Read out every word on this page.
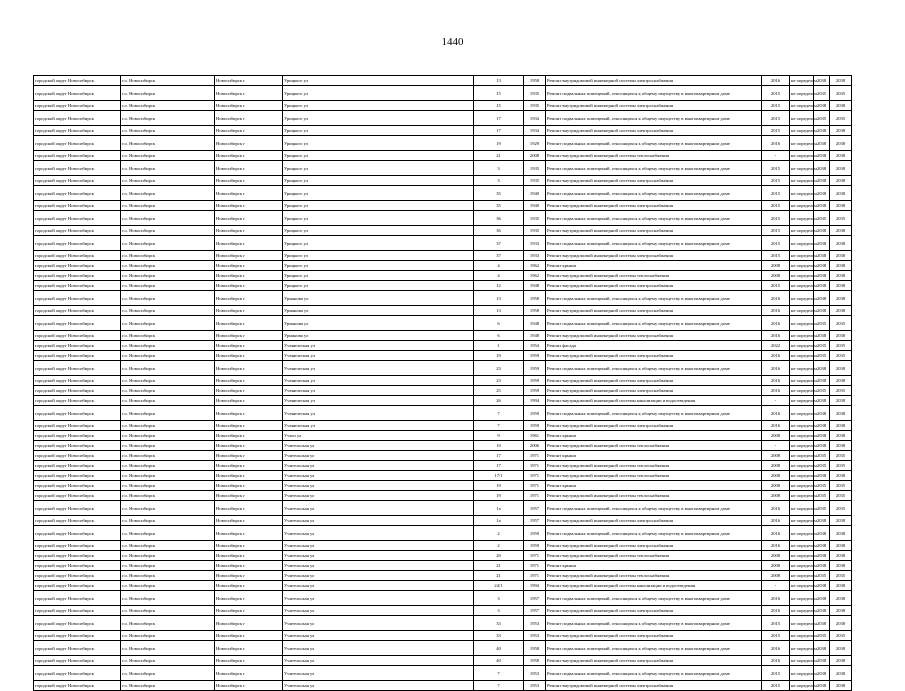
1440
городской округ Новосибирск	г.о. Новосибирск	Новосибирск г	Урицкого ул	13	1958	Ремонт внутридомовой инженерной системы электроснабжения	2016	не определен	2038	2038
городской округ Новосибирск	г.о. Новосибирск	Новосибирск г	Урицкого ул	15	1935	Ремонт подвальных помещений, относящихся к общему имуществу в многоквартирном доме	2015	не определен	2035	2035
городской округ Новосибирск	г.о. Новосибирск	Новосибирск г	Урицкого ул	15	1935	Ремонт внутридомовой инженерной системы электроснабжения	2015	не определен	2038	2038
городской округ Новосибирск	г.о. Новосибирск	Новосибирск г	Урицкого ул	17	1934	Ремонт подвальных помещений, относящихся к общему имуществу в многоквартирном доме	2015	не определен	2035	2035
городской округ Новосибирск	г.о. Новосибирск	Новосибирск г	Урицкого ул	17	1934	Ремонт внутридомовой инженерной системы электроснабжения	2015	не определен	2038	2038
городской округ Новосибирск	г.о. Новосибирск	Новосибирск г	Урицкого ул	19	1929	Ремонт подвальных помещений, относящихся к общему имуществу в многоквартирном доме	2016	не определен	2038	2038
городской округ Новосибирск	г.о. Новосибирск	Новосибирск г	Урицкого ул	21	2008	Ремонт внутридомовой инженерной системы теплоснабжения	-	не определен	2038	2038
городской округ Новосибирск	г.о. Новосибирск	Новосибирск г	Урицкого ул	3	1935	Ремонт подвальных помещений, относящихся к общему имуществу в многоквартирном доме	2015	не определен	2038	2038
городской округ Новосибирск	г.о. Новосибирск	Новосибирск г	Урицкого ул	3	1935	Ремонт внутридомовой инженерной системы электроснабжения	2015	не определен	2038	2038
городской округ Новосибирск	г.о. Новосибирск	Новосибирск г	Урицкого ул	35	1940	Ремонт подвальных помещений, относящихся к общему имуществу в многоквартирном доме	2015	не определен	2038	2038
городской округ Новосибирск	г.о. Новосибирск	Новосибирск г	Урицкого ул	35	1940	Ремонт внутридомовой инженерной системы электроснабжения	2015	не определен	2038	2038
городской округ Новосибирск	г.о. Новосибирск	Новосибирск г	Урицкого ул	36	1935	Ремонт подвальных помещений, относящихся к общему имуществу в многоквартирном доме	2015	не определен	2035	2035
городской округ Новосибирск	г.о. Новосибирск	Новосибирск г	Урицкого ул	36	1935	Ремонт внутридомовой инженерной системы электроснабжения	2015	не определен	2038	2038
городской округ Новосибирск	г.о. Новосибирск	Новосибирск г	Урицкого ул	37	1933	Ремонт подвальных помещений, относящихся к общему имуществу в многоквартирном доме	2015	не определен	2038	2038
городской округ Новосибирск	г.о. Новосибирск	Новосибирск г	Урицкого ул	37	1933	Ремонт внутридомовой инженерной системы электроснабжения	2015	не определен	2038	2038
городской округ Новосибирск	г.о. Новосибирск	Новосибирск г	Урицкого ул	4	1962	Ремонт крыши	2008	не определен	2038	2038
городской округ Новосибирск	г.о. Новосибирск	Новосибирск г	Урицкого ул	4	1962	Ремонт внутридомовой инженерной системы теплоснабжения	2008	не определен	2038	2038
городской округ Новосибирск	г.о. Новосибирск	Новосибирск г	Урицкого ул	12	1948	Ремонт внутридомовой инженерной системы электроснабжения	2015	не определен	2038	2038
городской округ Новосибирск	г.о. Новосибирск	Новосибирск г	Урманова ул	13	1958	Ремонт подвальных помещений, относящихся к общему имуществу в многоквартирном доме	2016	не определен	2038	2038
городской округ Новосибирск	г.о. Новосибирск	Новосибирск г	Урманова ул	13	1958	Ремонт внутридомовой инженерной системы электроснабжения	2016	не определен	2038	2038
городской округ Новосибирск	г.о. Новосибирск	Новосибирск г	Урманова ул	6	1948	Ремонт подвальных помещений, относящихся к общему имуществу в многоквартирном доме	2016	не определен	2035	2035
городской округ Новосибирск	г.о. Новосибирск	Новосибирск г	Урманова ул	6	1948	Ремонт внутридомовой инженерной системы электроснабжения	2016	не определен	2038	2038
городской округ Новосибирск	г.о. Новосибирск	Новосибирск г	Ученическая ул	1	1954	Ремонт фасада	2022	не определен	2035	2035
городской округ Новосибирск	г.о. Новосибирск	Новосибирск г	Ученическая ул	19	1959	Ремонт внутридомовой инженерной системы электроснабжения	2016	не определен	2035	2035
городской округ Новосибирск	г.о. Новосибирск	Новосибирск г	Ученическая ул	23	1959	Ремонт подвальных помещений, относящихся к общему имуществу в многоквартирном доме	2016	не определен	2038	2038
городской округ Новосибирск	г.о. Новосибирск	Новосибирск г	Ученическая ул	23	1959	Ремонт внутридомовой инженерной системы электроснабжения	2016	не определен	2038	2038
городской округ Новосибирск	г.о. Новосибирск	Новосибирск г	Ученическая ул	25	1959	Ремонт внутридомовой инженерной системы электроснабжения	2016	не определен	2035	2035
городской округ Новосибирск	г.о. Новосибирск	Новосибирск г	Ученическая ул	26	1994	Ремонт внутридомовой инженерной системы канализации и водоотведения	-	не определен	2038	2038
городской округ Новосибирск	г.о. Новосибирск	Новосибирск г	Ученическая ул	7	1959	Ремонт подвальных помещений, относящихся к общему имуществу в многоквартирном доме	2016	не определен	2038	2038
городской округ Новосибирск	г.о. Новосибирск	Новосибирск г	Ученическая ул	7	1959	Ремонт внутридомовой инженерной системы электроснабжения	2016	не определен	2038	2038
городской округ Новосибирск	г.о. Новосибирск	Новосибирск г	Учхоз ул	9	1961	Ремонт крыши	2008	не определен	2038	2038
городской округ Новосибирск	г.о. Новосибирск	Новосибирск г	Учительская ул	10	2006	Ремонт внутридомовой инженерной системы теплоснабжения	-	не определен	2038	2038
городской округ Новосибирск	г.о. Новосибирск	Новосибирск г	Учительская ул	17	1971	Ремонт крыши	2008	не определен	2035	2035
городской округ Новосибирск	г.о. Новосибирск	Новосибирск г	Учительская ул	17	1971	Ремонт внутридомовой инженерной системы теплоснабжения	2008	не определен	2035	2035
городской округ Новосибирск	г.о. Новосибирск	Новосибирск г	Учительская ул	17/1	1971	Ремонт внутридомовой инженерной системы теплоснабжения	2008	не определен	2038	2038
городской округ Новосибирск	г.о. Новосибирск	Новосибирск г	Учительская ул	19	1971	Ремонт крыши	2008	не определен	2035	2035
городской округ Новосибирск	г.о. Новосибирск	Новосибирск г	Учительская ул	19	1971	Ремонт внутридомовой инженерной системы теплоснабжения	2008	не определен	2035	2035
городской округ Новосибирск	г.о. Новосибирск	Новосибирск г	Учительская ул	1а	1957	Ремонт подвальных помещений, относящихся к общему имуществу в многоквартирном доме	2016	не определен	2035	2035
городской округ Новосибирск	г.о. Новосибирск	Новосибирск г	Учительская ул	1а	1957	Ремонт внутридомовой инженерной системы электроснабжения	2016	не определен	2038	2038
городской округ Новосибирск	г.о. Новосибирск	Новосибирск г	Учительская ул	2	1959	Ремонт подвальных помещений, относящихся к общему имуществу в многоквартирном доме	2016	не определен	2038	2038
городской округ Новосибирск	г.о. Новосибирск	Новосибирск г	Учительская ул	2	1959	Ремонт внутридомовой инженерной системы электроснабжения	2016	не определен	2038	2038
городской округ Новосибирск	г.о. Новосибирск	Новосибирск г	Учительская ул	20	1971	Ремонт внутридомовой инженерной системы теплоснабжения	2008	не определен	2038	2038
городской округ Новосибирск	г.о. Новосибирск	Новосибирск г	Учительская ул	21	1971	Ремонт крыши	2008	не определен	2038	2038
городской округ Новосибирск	г.о. Новосибирск	Новосибирск г	Учительская ул	21	1971	Ремонт внутридомовой инженерной системы теплоснабжения	2008	не определен	2035	2035
городской округ Новосибирск	г.о. Новосибирск	Новосибирск г	Учительская ул	24/1	1994	Ремонт внутридомовой инженерной системы канализации и водоотведения	-	не определен	2038	2038
городской округ Новосибирск	г.о. Новосибирск	Новосибирск г	Учительская ул	3	1957	Ремонт подвальных помещений, относящихся к общему имуществу в многоквартирном доме	2016	не определен	2038	2038
городской округ Новосибирск	г.о. Новосибирск	Новосибирск г	Учительская ул	3	1957	Ремонт внутридомовой инженерной системы электроснабжения	2016	не определен	2038	2038
городской округ Новосибирск	г.о. Новосибирск	Новосибирск г	Учительская ул	33	1953	Ремонт подвальных помещений, относящихся к общему имуществу в многоквартирном доме	2015	не определен	2038	2038
городской округ Новосибирск	г.о. Новосибирск	Новосибирск г	Учительская ул	33	1953	Ремонт внутридомовой инженерной системы электроснабжения	2015	не определен	2035	2035
городской округ Новосибирск	г.о. Новосибирск	Новосибирск г	Учительская ул	40	1958	Ремонт подвальных помещений, относящихся к общему имуществу в многоквартирном доме	2016	не определен	2038	2038
городской округ Новосибирск	г.о. Новосибирск	Новосибирск г	Учительская ул	40	1958	Ремонт внутридомовой инженерной системы электроснабжения	2016	не определен	2038	2038
городской округ Новосибирск	г.о. Новосибирск	Новосибирск г	Учительская ул	7	1953	Ремонт подвальных помещений, относящихся к общему имуществу в многоквартирном доме	2015	не определен	2038	2038
городской округ Новосибирск	г.о. Новосибирск	Новосибирск г	Учительская ул	7	1953	Ремонт внутридомовой инженерной системы электроснабжения	2015	не определен	2038	2038
